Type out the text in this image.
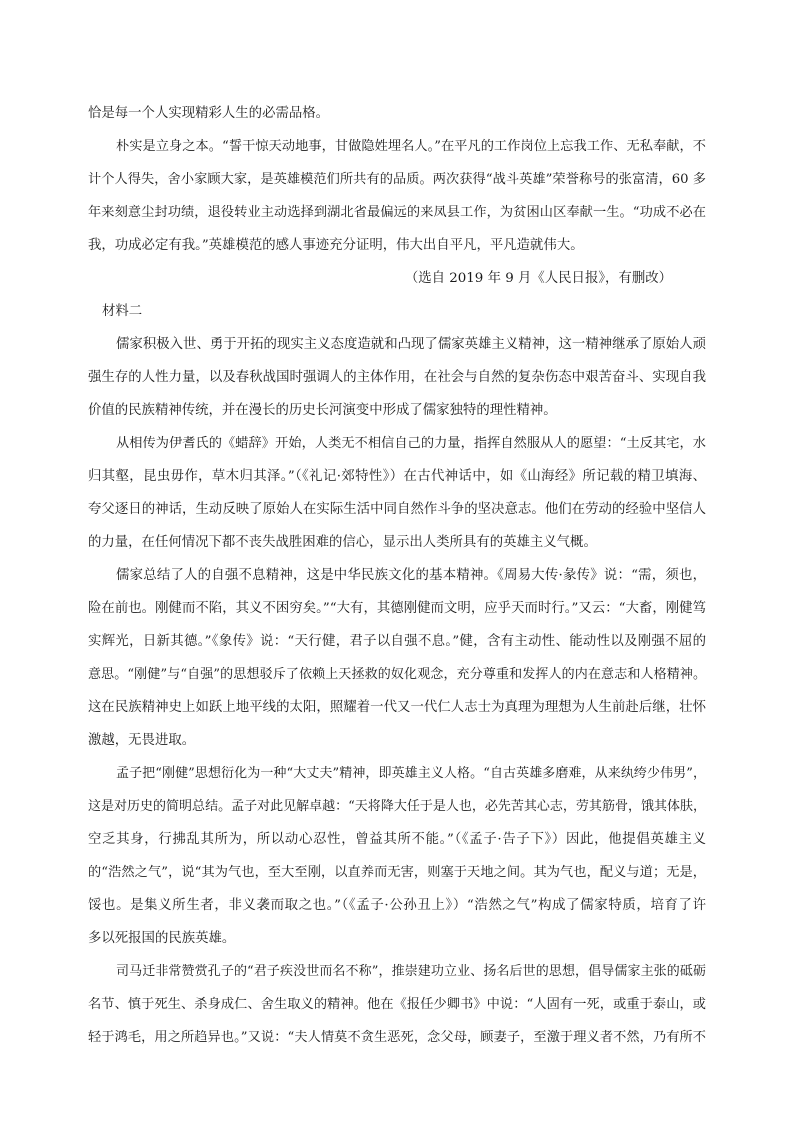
恰是每一个人实现精彩人生的必需品格。
朴实是立身之本。“誓干惊天动地事，甘做隐姓埋名人。”在平凡的工作岗位上忘我工作、无私奉献，不
计个人得失，舍小家顾大家，是英雄模范们所共有的品质。两次获得“战斗英雄”荣誉称号的张富清，60 多
年来刻意尘封功绩，退役转业主动选择到湖北省最偏远的来凤县工作，为贫困山区奉献一生。“功成不必在
我，功成必定有我。”英雄模范的感人事迹充分证明，伟大出自平凡，平凡造就伟大。
（选自 2019 年 9 月《人民日报》，有删改）
材料二
儒家积极入世、勇于开拓的现实主义态度造就和凸现了儒家英雄主义精神，这一精神继承了原始人顽
强生存的人性力量，以及春秋战国时强调人的主体作用，在社会与自然的复杂伤态中艰苦奋斗、实现自我
价值的民族精神传统，并在漫长的历史长河演变中形成了儒家独特的理性精神。
从相传为伊耆氏的《蜡辞》开始，人类无不相信自己的力量，指挥自然服从人的愿望：“土反其宅，水
归其壑，昆虫毋作，草木归其泽。”（《礼记·郊特性》）在古代神话中，如《山海经》所记载的精卫填海、
夸父逐日的神话，生动反映了原始人在实际生活中同自然作斗争的坚决意志。他们在劳动的经验中坚信人
的力量，在任何情况下都不丧失战胜困难的信心，显示出人类所具有的英雄主义气概。
儒家总结了人的自强不息精神，这是中华民族文化的基本精神。《周易大传·彖传》说：“需，须也，
险在前也。刚健而不陷，其义不困穷矣。”“大有，其德刚健而文明，应乎天而时行。”又云：“大畜，刚健笃
实辉光，日新其德。”《象传》说：“天行健，君子以自强不息。”健，含有主动性、能动性以及刚强不屈的
意思。“刚健”与“自强”的思想驳斥了依赖上天拯救的奴化观念，充分尊重和发挥人的内在意志和人格精神。
这在民族精神史上如跃上地平线的太阳，照耀着一代又一代仁人志士为真理为理想为人生前赴后继，壮怀
激越，无畏进取。
孟子把“刚健”思想衍化为一种“大丈夫”精神，即英雄主义人格。“自古英雄多磨难，从来纨绔少伟男”，
这是对历史的简明总结。孟子对此见解卓越：“天将降大任于是人也，必先苦其心志，劳其筋骨，饿其体肤，
空乏其身，行拂乱其所为，所以动心忍性，曾益其所不能。”（《孟子·告子下》）因此，他提倡英雄主义
的“浩然之气”，说“其为气也，至大至刚，以直养而无害，则塞于天地之间。其为气也，配义与道；无是，
馁也。是集义所生者，非义袭而取之也。”（《孟子·公孙丑上》）“浩然之气”构成了儒家特质，培育了许
多以死报国的民族英雄。
司马迁非常赞赏孔子的“君子疾没世而名不称”，推崇建功立业、扬名后世的思想，倡导儒家主张的砥砺
名节、慎于死生、杀身成仁、舍生取义的精神。他在《报任少卿书》中说：“人固有一死，或重于泰山，或
轻于鸿毛，用之所趋异也。”又说：“夫人情莫不贪生恶死，念父母，顾妻子，至激于理义者不然，乃有所不
